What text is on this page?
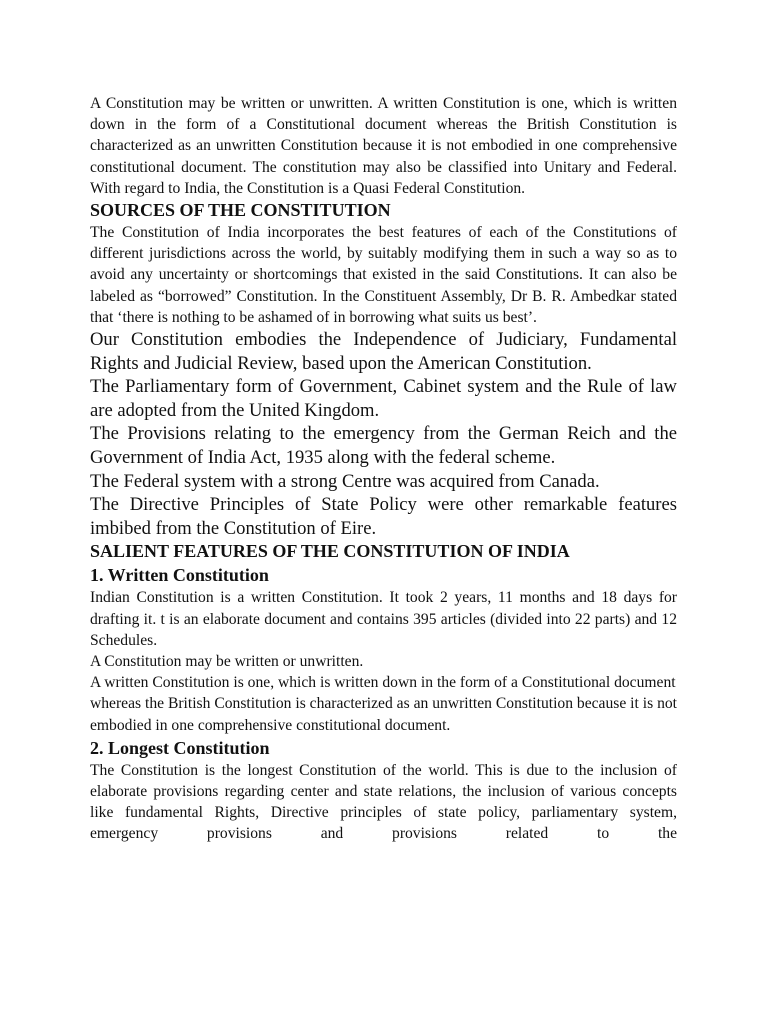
A Constitution may be written or unwritten. A written Constitution is one, which is written down in the form of a Constitutional document whereas the British Constitution is characterized as an unwritten Constitution because it is not embodied in one comprehensive constitutional document. The constitution may also be classified into Unitary and Federal. With regard to India, the Constitution is a Quasi Federal Constitution.

SOURCES OF THE CONSTITUTION

The Constitution of India incorporates the best features of each of the Constitutions of different jurisdictions across the world, by suitably modifying them in such a way so as to avoid any uncertainty or shortcomings that existed in the said Constitutions. It can also be labeled as “borrowed” Constitution. In the Constituent Assembly, Dr B. R. Ambedkar stated that ‘there is nothing to be ashamed of in borrowing what suits us best’.

Our Constitution embodies the Independence of Judiciary, Fundamental Rights and Judicial Review, based upon the American Constitution.

The Parliamentary form of Government, Cabinet system and the Rule of law are adopted from the United Kingdom.

The Provisions relating to the emergency from the German Reich and the Government of India Act, 1935 along with the federal scheme.

The Federal system with a strong Centre was acquired from Canada.

The Directive Principles of State Policy were other remarkable features imbibed from the Constitution of Eire.

SALIENT FEATURES OF THE CONSTITUTION OF INDIA
1. Written Constitution

Indian Constitution is a written Constitution. It took 2 years, 11 months and 18 days for drafting it. t is an elaborate document and contains 395 articles (divided into 22 parts) and 12 Schedules.

A Constitution may be written or unwritten.

A written Constitution is one, which is written down in the form of a Constitutional document

whereas the British Constitution is characterized as an unwritten Constitution because it is not embodied in one comprehensive constitutional document.

2. Longest Constitution

The Constitution is the longest Constitution of the world. This is due to the inclusion of elaborate provisions regarding center and state relations, the inclusion of various concepts like fundamental Rights, Directive principles of state policy, parliamentary system, emergency provisions and provisions related to the
